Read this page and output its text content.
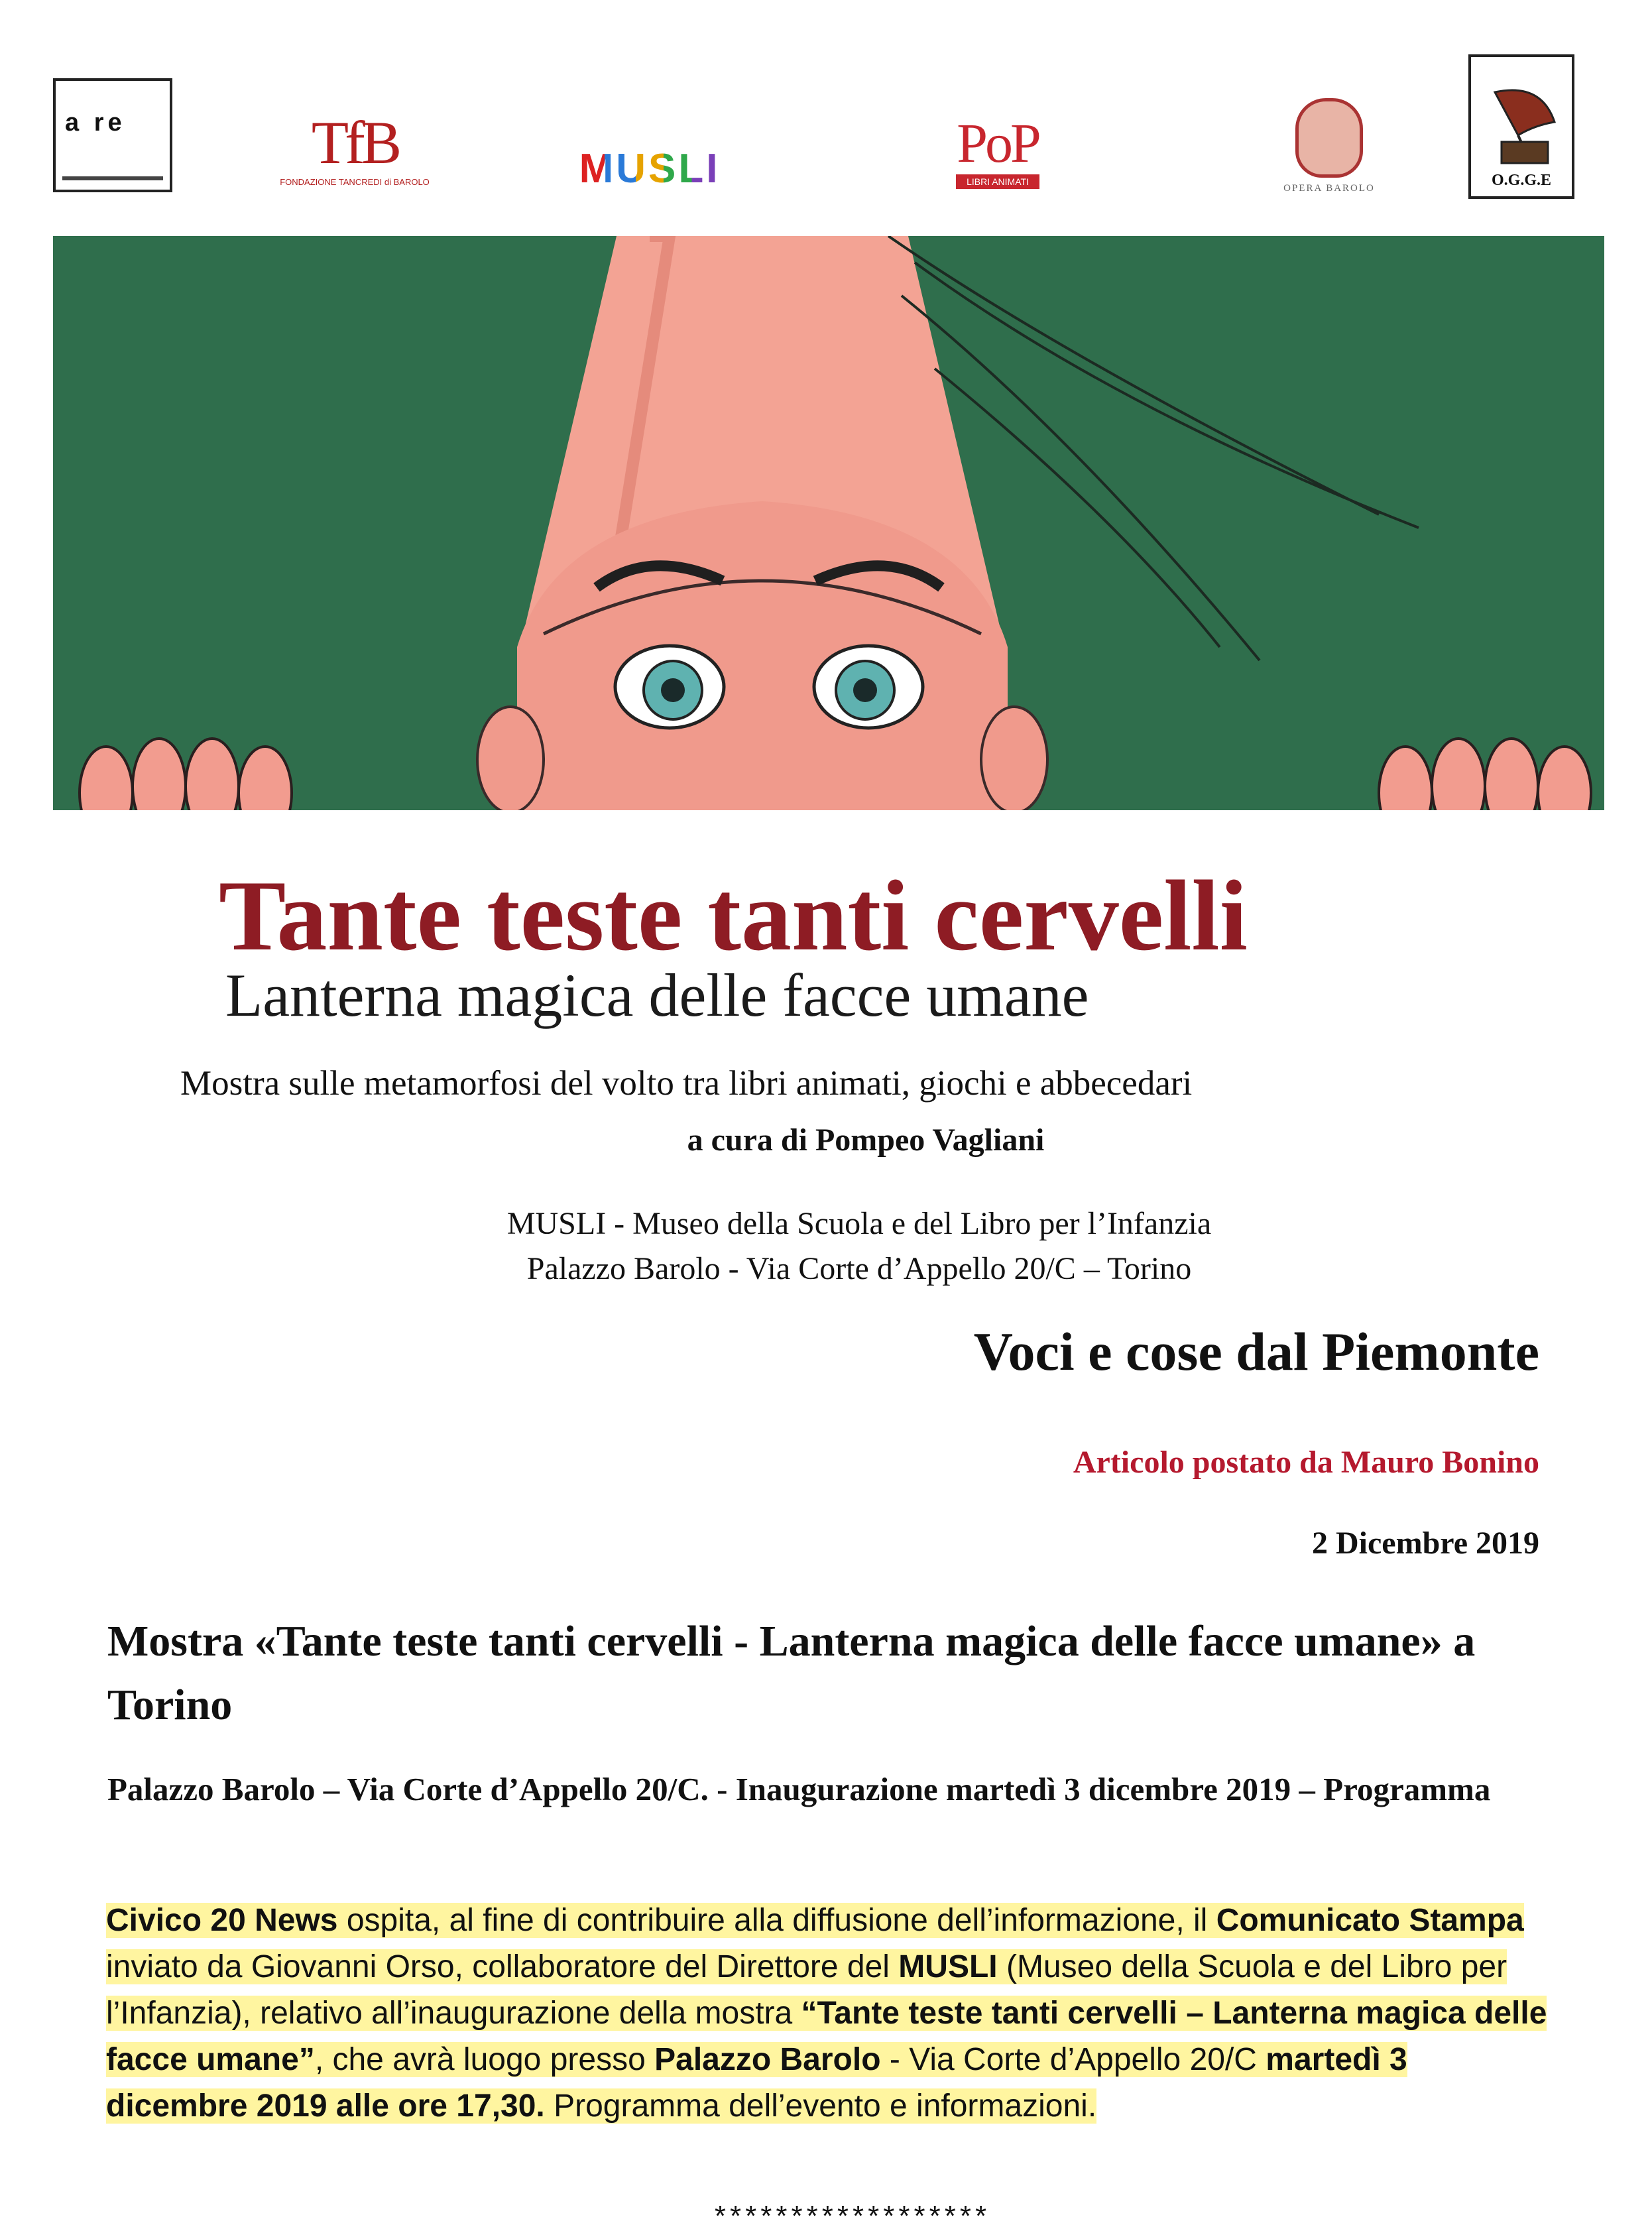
a re	TfB
FONDAZIONE TANCREDI di BAROLO	MUSLI	PoP
LIBRI ANIMATI
OPERA BAROLO	O.G.G.E
Tante teste tanti cervelli
Lanterna magica delle facce umane
Mostra sulle metamorfosi del volto tra libri animati, giochi e abbecedari
a cura di Pompeo Vagliani
MUSLI - Museo della Scuola e del Libro per l’Infanzia
Palazzo Barolo - Via Corte d’Appello 20/C – Torino
Voci e cose dal Piemonte
Articolo postato da Mauro Bonino
2 Dicembre 2019
Mostra «Tante teste tanti cervelli - Lanterna magica delle facce umane» a Torino
Palazzo Barolo – Via Corte d’Appello 20/C. - Inaugurazione martedì 3 dicembre 2019 – Programma
Civico 20 News ospita, al fine di contribuire alla diffusione dell’informazione, il Comunicato Stampa inviato da Giovanni Orso, collaboratore del Direttore del MUSLI (Museo della Scuola e del Libro per l’Infanzia), relativo all’inaugurazione della mostra “Tante teste tanti cervelli – Lanterna magica delle facce umane”, che avrà luogo presso Palazzo Barolo - Via Corte d’Appello 20/C martedì 3 dicembre 2019 alle ore 17,30. Programma dell’evento e informazioni.
******************
